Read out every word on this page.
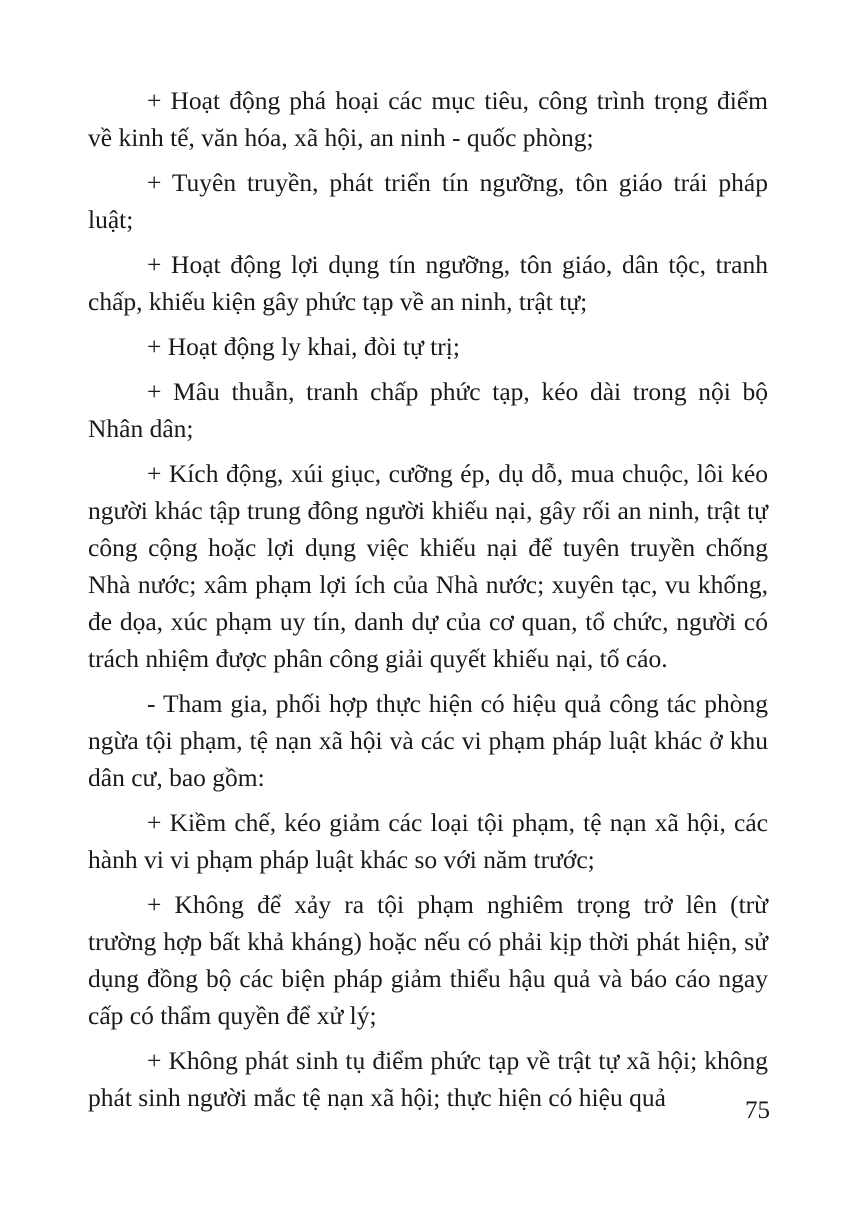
+ Hoạt động phá hoại các mục tiêu, công trình trọng điểm về kinh tế, văn hóa, xã hội, an ninh - quốc phòng;

+ Tuyên truyền, phát triển tín ngưỡng, tôn giáo trái pháp luật;

+ Hoạt động lợi dụng tín ngưỡng, tôn giáo, dân tộc, tranh chấp, khiếu kiện gây phức tạp về an ninh, trật tự;

+ Hoạt động ly khai, đòi tự trị;

+ Mâu thuẫn, tranh chấp phức tạp, kéo dài trong nội bộ Nhân dân;

+ Kích động, xúi giục, cưỡng ép, dụ dỗ, mua chuộc, lôi kéo người khác tập trung đông người khiếu nại, gây rối an ninh, trật tự công cộng hoặc lợi dụng việc khiếu nại để tuyên truyền chống Nhà nước; xâm phạm lợi ích của Nhà nước; xuyên tạc, vu khống, đe dọa, xúc phạm uy tín, danh dự của cơ quan, tổ chức, người có trách nhiệm được phân công giải quyết khiếu nại, tố cáo.

- Tham gia, phối hợp thực hiện có hiệu quả công tác phòng ngừa tội phạm, tệ nạn xã hội và các vi phạm pháp luật khác ở khu dân cư, bao gồm:

+ Kiềm chế, kéo giảm các loại tội phạm, tệ nạn xã hội, các hành vi vi phạm pháp luật khác so với năm trước;

+ Không để xảy ra tội phạm nghiêm trọng trở lên (trừ trường hợp bất khả kháng) hoặc nếu có phải kịp thời phát hiện, sử dụng đồng bộ các biện pháp giảm thiểu hậu quả và báo cáo ngay cấp có thẩm quyền để xử lý;

+ Không phát sinh tụ điểm phức tạp về trật tự xã hội; không phát sinh người mắc tệ nạn xã hội; thực hiện có hiệu quả	75
